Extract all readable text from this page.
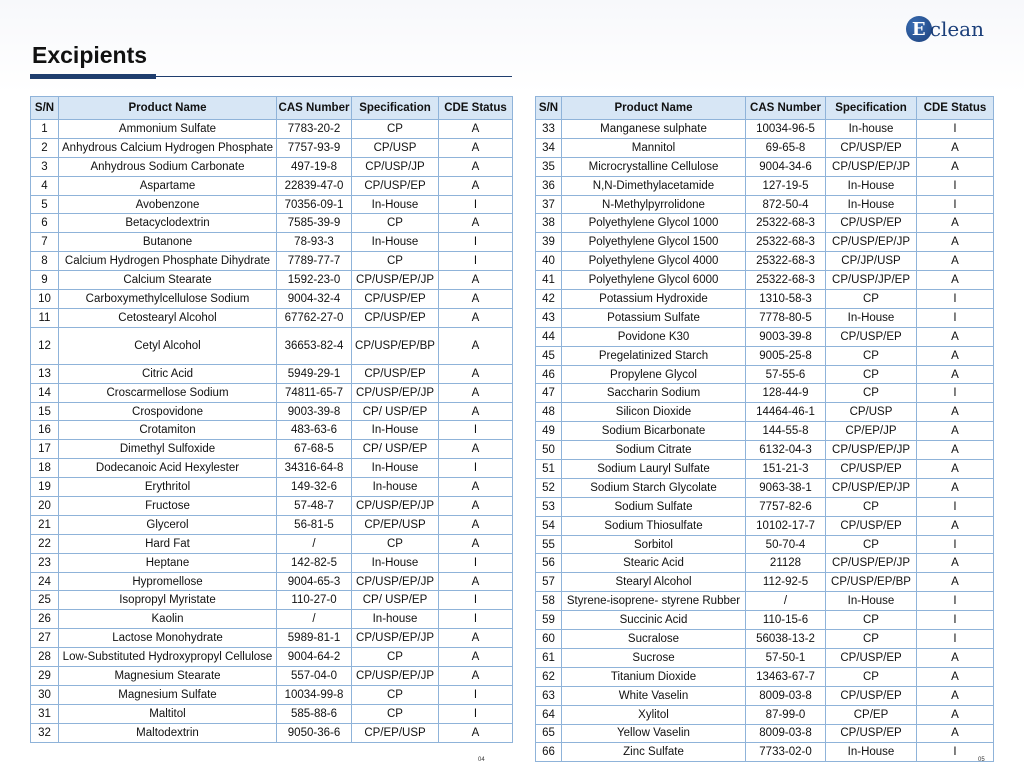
Excipients
E clean
S/N	Product Name	CAS Number	Specification	CDE Status
1	Ammonium Sulfate	7783-20-2	CP	A
2	Anhydrous Calcium Hydrogen Phosphate	7757-93-9	CP/USP	A
3	Anhydrous Sodium Carbonate	497-19-8	CP/USP/JP	A
4	Aspartame	22839-47-0	CP/USP/EP	A
5	Avobenzone	70356-09-1	In-House	I
6	Betacyclodextrin	7585-39-9	CP	A
7	Butanone	78-93-3	In-House	I
8	Calcium Hydrogen Phosphate Dihydrate	7789-77-7	CP	I
9	Calcium Stearate	1592-23-0	CP/USP/EP/JP	A
10	Carboxymethylcellulose Sodium	9004-32-4	CP/USP/EP	A
11	Cetostearyl Alcohol	67762-27-0	CP/USP/EP	A
12	Cetyl Alcohol	36653-82-4	CP/USP/EP/BP	A
13	Citric Acid	5949-29-1	CP/USP/EP	A
14	Croscarmellose Sodium	74811-65-7	CP/USP/EP/JP	A
15	Crospovidone	9003-39-8	CP/ USP/EP	A
16	Crotamiton	483-63-6	In-House	I
17	Dimethyl Sulfoxide	67-68-5	CP/ USP/EP	A
18	Dodecanoic Acid Hexylester	34316-64-8	In-House	I
19	Erythritol	149-32-6	In-house	A
20	Fructose	57-48-7	CP/USP/EP/JP	A
21	Glycerol	56-81-5	CP/EP/USP	A
22	Hard Fat	/	CP	A
23	Heptane	142-82-5	In-House	I
24	Hypromellose	9004-65-3	CP/USP/EP/JP	A
25	Isopropyl Myristate	110-27-0	CP/ USP/EP	I
26	Kaolin	/	In-house	I
27	Lactose Monohydrate	5989-81-1	CP/USP/EP/JP	A
28	Low-Substituted Hydroxypropyl Cellulose	9004-64-2	CP	A
29	Magnesium Stearate	557-04-0	CP/USP/EP/JP	A
30	Magnesium Sulfate	10034-99-8	CP	I
31	Maltitol	585-88-6	CP	I
32	Maltodextrin	9050-36-6	CP/EP/USP	A
S/N	Product Name	CAS Number	Specification	CDE Status
33	Manganese sulphate	10034-96-5	In-house	I
34	Mannitol	69-65-8	CP/USP/EP	A
35	Microcrystalline Cellulose	9004-34-6	CP/USP/EP/JP	A
36	N,N-Dimethylacetamide	127-19-5	In-House	I
37	N-Methylpyrrolidone	872-50-4	In-House	I
38	Polyethylene Glycol 1000	25322-68-3	CP/USP/EP	A
39	Polyethylene Glycol 1500	25322-68-3	CP/USP/EP/JP	A
40	Polyethylene Glycol 4000	25322-68-3	CP/JP/USP	A
41	Polyethylene Glycol 6000	25322-68-3	CP/USP/JP/EP	A
42	Potassium Hydroxide	1310-58-3	CP	I
43	Potassium Sulfate	7778-80-5	In-House	I
44	Povidone K30	9003-39-8	CP/USP/EP	A
45	Pregelatinized Starch	9005-25-8	CP	A
46	Propylene Glycol	57-55-6	CP	A
47	Saccharin Sodium	128-44-9	CP	I
48	Silicon Dioxide	14464-46-1	CP/USP	A
49	Sodium Bicarbonate	144-55-8	CP/EP/JP	A
50	Sodium Citrate	6132-04-3	CP/USP/EP/JP	A
51	Sodium Lauryl Sulfate	151-21-3	CP/USP/EP	A
52	Sodium Starch Glycolate	9063-38-1	CP/USP/EP/JP	A
53	Sodium Sulfate	7757-82-6	CP	I
54	Sodium Thiosulfate	10102-17-7	CP/USP/EP	A
55	Sorbitol	50-70-4	CP	I
56	Stearic Acid	21128	CP/USP/EP/JP	A
57	Stearyl Alcohol	112-92-5	CP/USP/EP/BP	A
58	Styrene-isoprene- styrene Rubber	/	In-House	I
59	Succinic Acid	110-15-6	CP	I
60	Sucralose	56038-13-2	CP	I
61	Sucrose	57-50-1	CP/USP/EP	A
62	Titanium Dioxide	13463-67-7	CP	A
63	White Vaselin	8009-03-8	CP/USP/EP	A
64	Xylitol	87-99-0	CP/EP	A
65	Yellow Vaselin	8009-03-8	CP/USP/EP	A
66	Zinc Sulfate	7733-02-0	In-House	I
04	05
